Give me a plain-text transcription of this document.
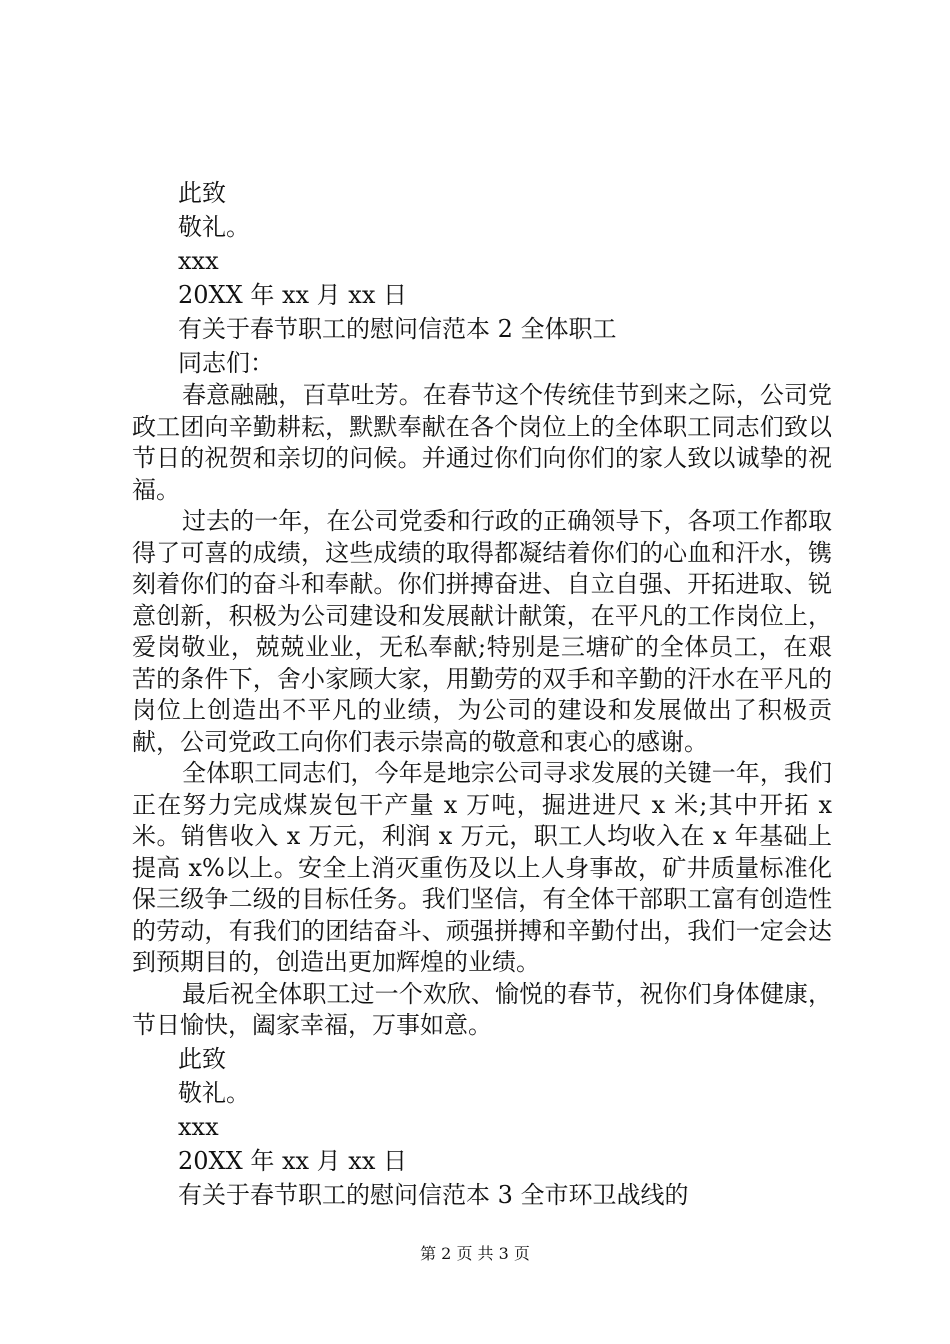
此致
敬礼。
xxx
20XX 年 xx 月 xx 日
有关于春节职工的慰问信范本 2 全体职工
同志们：

春意融融，百草吐芳。在春节这个传统佳节到来之际，公司党政工团向辛勤耕耘，默默奉献在各个岗位上的全体职工同志们致以节日的祝贺和亲切的问候。并通过你们向你们的家人致以诚挚的祝福。

过去的一年，在公司党委和行政的正确领导下，各项工作都取得了可喜的成绩，这些成绩的取得都凝结着你们的心血和汗水，镌刻着你们的奋斗和奉献。你们拼搏奋进、自立自强、开拓进取、锐意创新，积极为公司建设和发展献计献策，在平凡的工作岗位上，爱岗敬业，兢兢业业，无私奉献;特别是三塘矿的全体员工，在艰苦的条件下，舍小家顾大家，用勤劳的双手和辛勤的汗水在平凡的岗位上创造出不平凡的业绩，为公司的建设和发展做出了积极贡献，公司党政工向你们表示崇高的敬意和衷心的感谢。

全体职工同志们，今年是地宗公司寻求发展的关键一年，我们正在努力完成煤炭包干产量 x 万吨，掘进进尺 x 米;其中开拓 x 米。销售收入 x 万元，利润 x 万元，职工人均收入在 x 年基础上提高 x%以上。安全上消灭重伤及以上人身事故，矿井质量标准化保三级争二级的目标任务。我们坚信，有全体干部职工富有创造性的劳动，有我们的团结奋斗、顽强拼搏和辛勤付出，我们一定会达到预期目的，创造出更加辉煌的业绩。

最后祝全体职工过一个欢欣、愉悦的春节，祝你们身体健康，节日愉快，阖家幸福，万事如意。

此致
敬礼。
xxx
20XX 年 xx 月 xx 日
有关于春节职工的慰问信范本 3 全市环卫战线的
第 2 页 共 3 页
